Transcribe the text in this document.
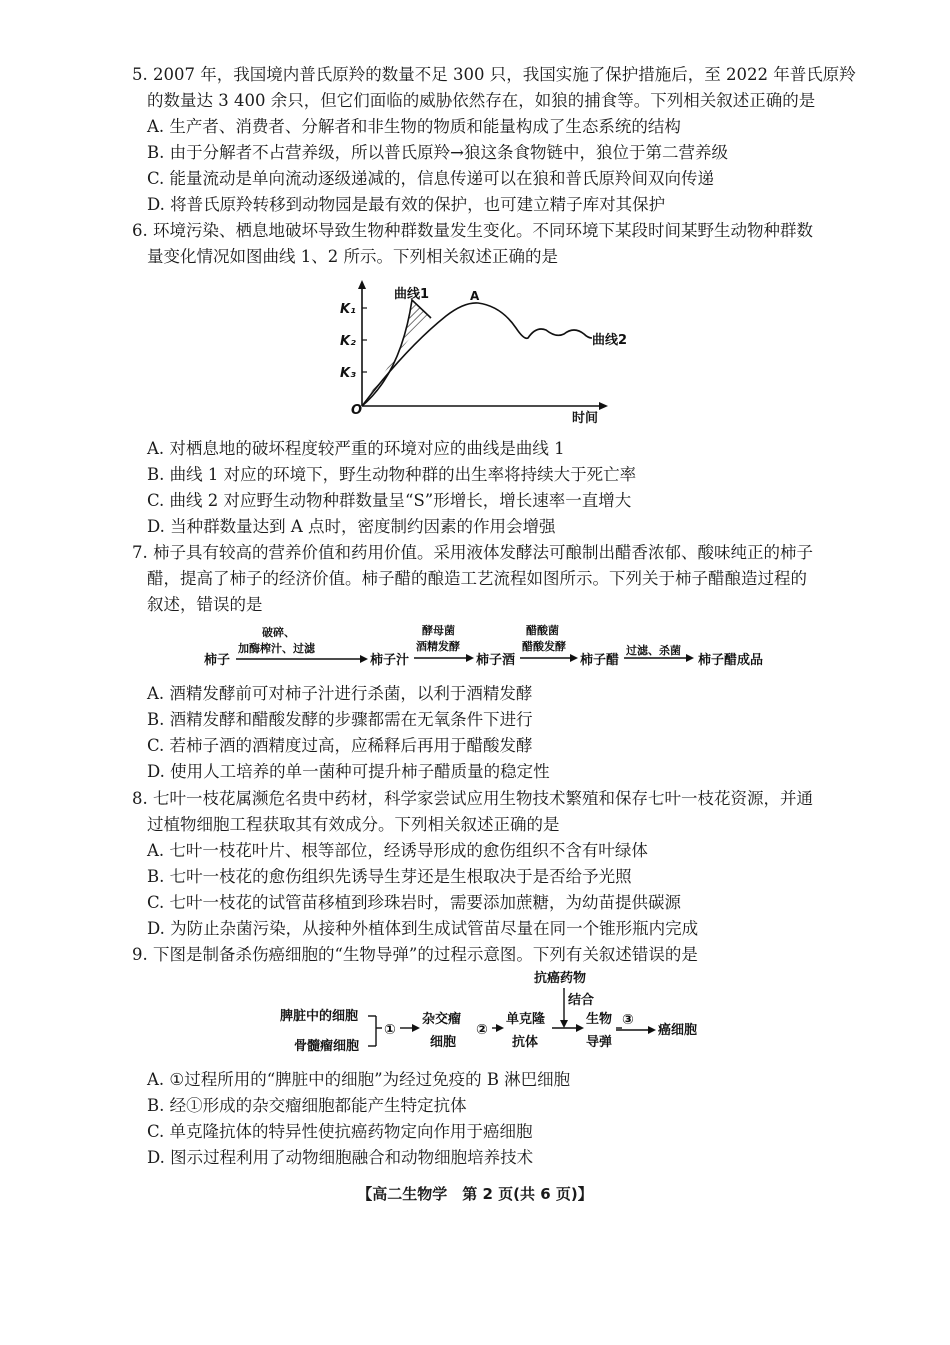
5. 2007 年，我国境内普氏原羚的数量不足 300 只，我国实施了保护措施后，至 2022 年普氏原羚
的数量达 3 400 余只，但它们面临的威胁依然存在，如狼的捕食等。下列相关叙述正确的是
A. 生产者、消费者、分解者和非生物的物质和能量构成了生态系统的结构
B. 由于分解者不占营养级，所以普氏原羚→狼这条食物链中，狼位于第二营养级
C. 能量流动是单向流动逐级递减的，信息传递可以在狼和普氏原羚间双向传递
D. 将普氏原羚转移到动物园是最有效的保护，也可建立精子库对其保护
6. 环境污染、栖息地破坏导致生物种群数量发生变化。不同环境下某段时间某野生动物种群数
量变化情况如图曲线 1、2 所示。下列相关叙述正确的是
K₁
K₂
K₃
O
时间
曲线1	A
曲线2
A. 对栖息地的破坏程度较严重的环境对应的曲线是曲线 1
B. 曲线 1 对应的环境下，野生动物种群的出生率将持续大于死亡率
C. 曲线 2 对应野生动物种群数量呈“S”形增长，增长速率一直增大
D. 当种群数量达到 A 点时，密度制约因素的作用会增强
7. 柿子具有较高的营养价值和药用价值。采用液体发酵法可酿制出醋香浓郁、酸味纯正的柿子
醋，提高了柿子的经济价值。柿子醋的酿造工艺流程如图所示。下列关于柿子醋酿造过程的
叙述，错误的是
柿子
破碎、
加酶榨汁、过滤
柿子汁
酵母菌
酒精发酵
柿子酒
醋酸菌
醋酸发酵
柿子醋
过滤、杀菌
柿子醋成品
A. 酒精发酵前可对柿子汁进行杀菌，以利于酒精发酵
B. 酒精发酵和醋酸发酵的步骤都需在无氧条件下进行
C. 若柿子酒的酒精度过高，应稀释后再用于醋酸发酵
D. 使用人工培养的单一菌种可提升柿子醋质量的稳定性
8. 七叶一枝花属濒危名贵中药材，科学家尝试应用生物技术繁殖和保存七叶一枝花资源，并通
过植物细胞工程获取其有效成分。下列相关叙述正确的是
A. 七叶一枝花叶片、根等部位，经诱导形成的愈伤组织不含有叶绿体
B. 七叶一枝花的愈伤组织先诱导生芽还是生根取决于是否给予光照
C. 七叶一枝花的试管苗移植到珍珠岩时，需要添加蔗糖，为幼苗提供碳源
D. 为防止杂菌污染，从接种外植体到生成试管苗尽量在同一个锥形瓶内完成
9. 下图是制备杀伤癌细胞的“生物导弹”的过程示意图。下列有关叙述错误的是
脾脏中的细胞
骨髓瘤细胞
①
杂交瘤
细胞
②
单克隆
抗体
抗癌药物
结合
生物
导弹
③
癌细胞
A. ①过程所用的“脾脏中的细胞”为经过免疫的 B 淋巴细胞
B. 经①形成的杂交瘤细胞都能产生特定抗体
C. 单克隆抗体的特异性使抗癌药物定向作用于癌细胞
D. 图示过程利用了动物细胞融合和动物细胞培养技术
【高二生物学　第 2 页(共 6 页)】
